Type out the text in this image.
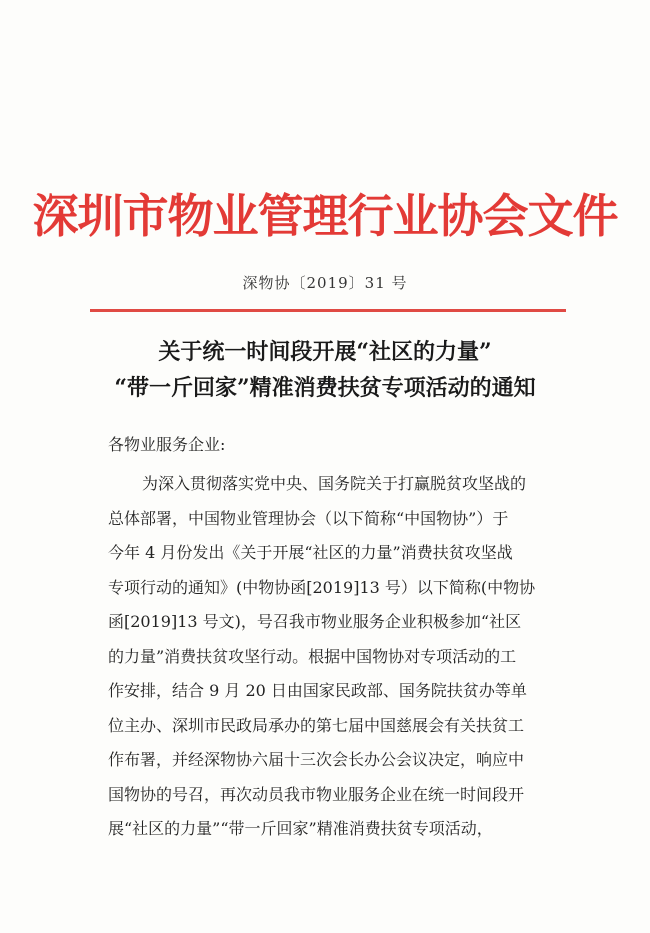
深圳市物业管理行业协会文件
深物协〔2019〕31 号
关于统一时间段开展“社区的力量”
“带一斤回家”精准消费扶贫专项活动的通知
各物业服务企业:
为深入贯彻落实党中央、国务院关于打赢脱贫攻坚战的
总体部署，中国物业管理协会（以下简称“中国物协”）于
今年 4 月份发出《关于开展“社区的力量”消费扶贫攻坚战
专项行动的通知》(中物协函[2019]13 号）以下简称(中物协
函[2019]13 号文)，号召我市物业服务企业积极参加“社区
的力量”消费扶贫攻坚行动。根据中国物协对专项活动的工
作安排，结合 9 月 20 日由国家民政部、国务院扶贫办等单
位主办、深圳市民政局承办的第七届中国慈展会有关扶贫工
作布署，并经深物协六届十三次会长办公会议决定，响应中
国物协的号召，再次动员我市物业服务企业在统一时间段开
展“社区的力量”“带一斤回家”精准消费扶贫专项活动，
